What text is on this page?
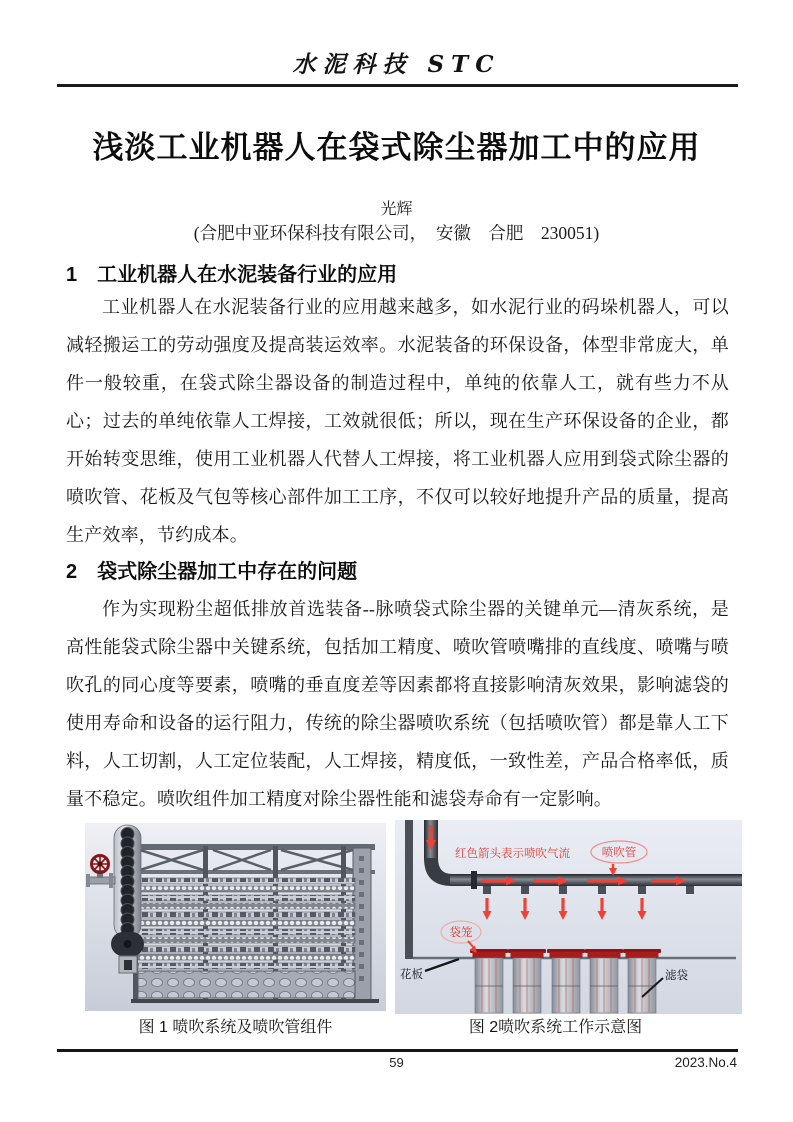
水泥科技 STC
浅淡工业机器人在袋式除尘器加工中的应用
光辉
(合肥中亚环保科技有限公司，　安徽　合肥　230051)
1　工业机器人在水泥装备行业的应用

工业机器人在水泥装备行业的应用越来越多，如水泥行业的码垛机器人，可以减轻搬运工的劳动强度及提高装运效率。水泥装备的环保设备，体型非常庞大，单件一般较重，在袋式除尘器设备的制造过程中，单纯的依靠人工，就有些力不从心；过去的单纯依靠人工焊接，工效就很低；所以，现在生产环保设备的企业，都开始转变思维，使用工业机器人代替人工焊接，将工业机器人应用到袋式除尘器的喷吹管、花板及气包等核心部件加工工序，不仅可以较好地提升产品的质量，提高生产效率，节约成本。

2　袋式除尘器加工中存在的问题

作为实现粉尘超低排放首选装备--脉喷袋式除尘器的关键单元—清灰系统，是高性能袋式除尘器中关键系统，包括加工精度、喷吹管喷嘴排的直线度、喷嘴与喷吹孔的同心度等要素，喷嘴的垂直度差等因素都将直接影响清灰效果，影响滤袋的使用寿命和设备的运行阻力，传统的除尘器喷吹系统（包括喷吹管）都是靠人工下料，人工切割，人工定位装配，人工焊接，精度低，一致性差，产品合格率低，质量不稳定。喷吹组件加工精度对除尘器性能和滤袋寿命有一定影响。

红色箭头表示喷吹气流	喷吹管
袋笼
花板	滤袋
图 1 喷吹系统及喷吹管组件	图 2喷吹系统工作示意图
59	2023.No.4
